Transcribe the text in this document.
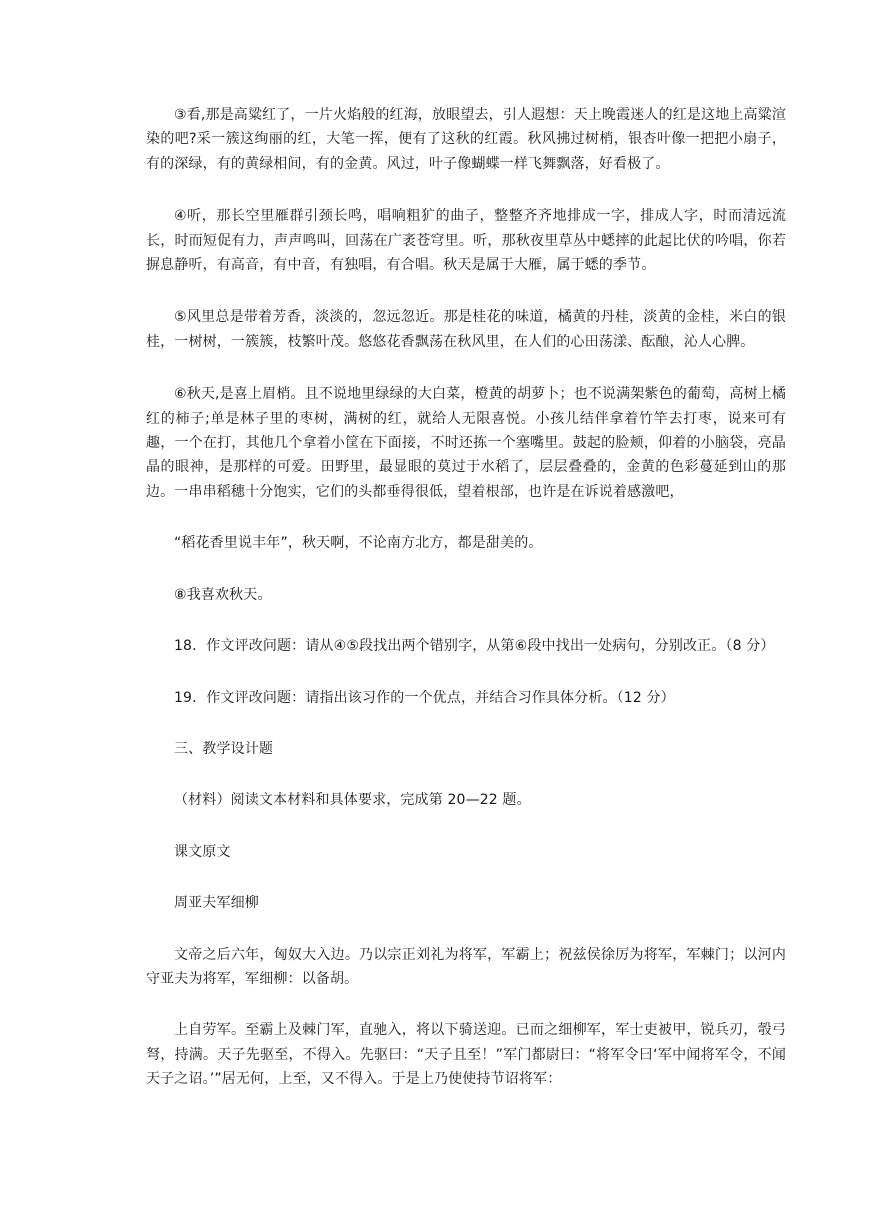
③看,那是高粱红了，一片火焰般的红海，放眼望去，引人遐想：天上晚霞迷人的红是这地上高粱渲染的吧?采一簇这绚丽的红，大笔一挥，便有了这秋的红霞。秋风拂过树梢，银杏叶像一把把小扇子，有的深绿，有的黄绿相间，有的金黄。风过，叶子像蝴蝶一样飞舞飘落，好看极了。

④听，那长空里雁群引颈长鸣，唱响粗犷的曲子，整整齐齐地排成一字，排成人字，时而清远流长，时而短促有力，声声鸣叫，回荡在广袤苍穹里。听，那秋夜里草丛中蟋摔的此起比伏的吟唱，你若摒息静听，有高音，有中音，有独唱，有合唱。秋天是属于大雁，属于蟋的季节。

⑤风里总是带着芳香，淡淡的，忽远忽近。那是桂花的味道，橘黄的丹桂，淡黄的金桂，米白的银桂，一树树，一簇簇，枝繁叶茂。悠悠花香飘荡在秋风里，在人们的心田荡漾、酝酿，沁人心脾。

⑥秋天,是喜上眉梢。且不说地里绿绿的大白菜，橙黄的胡萝卜；也不说满架紫色的葡萄，高树上橘红的柿子;单是林子里的枣树，满树的红，就给人无限喜悦。小孩儿结伴拿着竹竿去打枣，说来可有趣，一个在打，其他几个拿着小筐在下面接，不时还拣一个塞嘴里。鼓起的脸颊，仰着的小脑袋，亮晶晶的眼神，是那样的可爱。田野里，最显眼的莫过于水稻了，层层叠叠的，金黄的色彩蔓延到山的那边。一串串稻穗十分饱实，它们的头都垂得很低，望着根部，也许是在诉说着感激吧，

“稻花香里说丰年”，秋天啊，不论南方北方，都是甜美的。

⑧我喜欢秋天。

18．作文评改问题：请从④⑤段找出两个错别字，从第⑥段中找出一处病句，分别改正。（8 分）

19．作文评改问题：请指出该习作的一个优点，并结合习作具体分析。（12 分）

三、教学设计题

（材料）阅读文本材料和具体要求，完成第 20—22 题。

课文原文

周亚夫军细柳

文帝之后六年，匈奴大入边。乃以宗正刘礼为将军，军霸上；祝兹侯徐厉为将军，军棘门；以河内守亚夫为将军，军细柳：以备胡。

上自劳军。至霸上及棘门军，直驰入，将以下骑送迎。已而之细柳军，军士吏被甲，锐兵刃，彀弓弩，持满。天子先驱至，不得入。先驱曰：“天子且至！”军门都尉曰：“将军令曰‘军中闻将军令，不闻天子之诏。’”居无何，上至，又不得入。于是上乃使使持节诏将军：
